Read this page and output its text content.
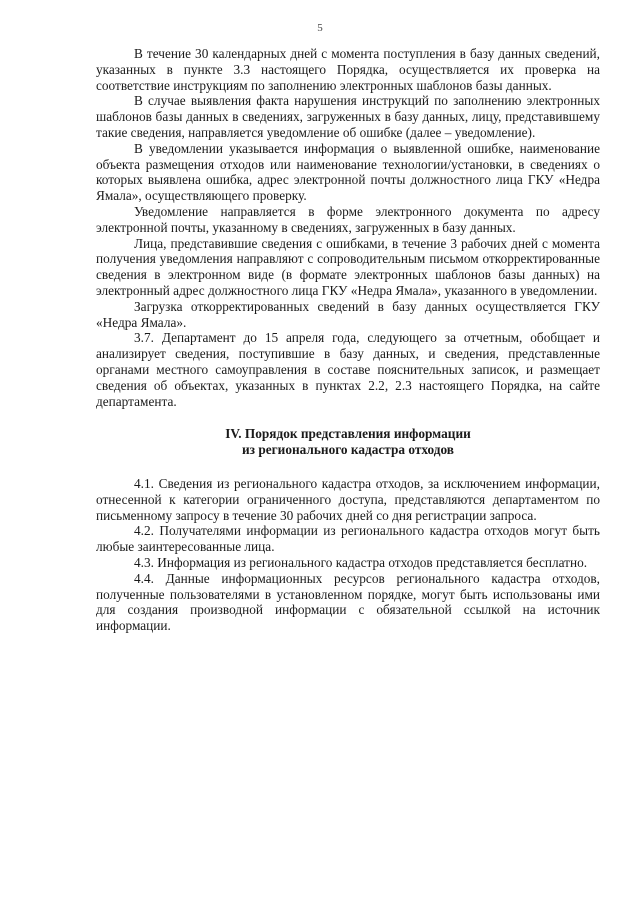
5

В течение 30 календарных дней с момента поступления в базу данных сведений, указанных в пункте 3.3 настоящего Порядка, осуществляется их проверка на соответствие инструкциям по заполнению электронных шаблонов базы данных.

В случае выявления факта нарушения инструкций по заполнению электронных шаблонов базы данных в сведениях, загруженных в базу данных, лицу, представившему такие сведения, направляется уведомление об ошибке (далее – уведомление).

В уведомлении указывается информация о выявленной ошибке, наименование объекта размещения отходов или наименование технологии/установки, в сведениях о которых выявлена ошибка, адрес электронной почты должностного лица ГКУ «Недра Ямала», осуществляющего проверку.

Уведомление направляется в форме электронного документа по адресу электронной почты, указанному в сведениях, загруженных в базу данных.

Лица, представившие сведения с ошибками, в течение 3 рабочих дней с момента получения уведомления направляют с сопроводительным письмом откорректированные сведения в электронном виде (в формате электронных шаблонов базы данных) на электронный адрес должностного лица ГКУ «Недра Ямала», указанного в уведомлении.

Загрузка откорректированных сведений в базу данных осуществляется ГКУ «Недра Ямала».

3.7. Департамент до 15 апреля года, следующего за отчетным, обобщает и анализирует сведения, поступившие в базу данных, и сведения, представленные органами местного самоуправления в составе пояснительных записок, и размещает сведения об объектах, указанных в пунктах 2.2, 2.3 настоящего Порядка, на сайте департамента.

IV. Порядок представления информации
из регионального кадастра отходов

4.1. Сведения из регионального кадастра отходов, за исключением информации, отнесенной к категории ограниченного доступа, представляются департаментом по письменному запросу в течение 30 рабочих дней со дня регистрации запроса.

4.2. Получателями информации из регионального кадастра отходов могут быть любые заинтересованные лица.

4.3. Информация из регионального кадастра отходов представляется бесплатно.

4.4. Данные информационных ресурсов регионального кадастра отходов, полученные пользователями в установленном порядке, могут быть использованы ими для создания производной информации с обязательной ссылкой на источник информации.
